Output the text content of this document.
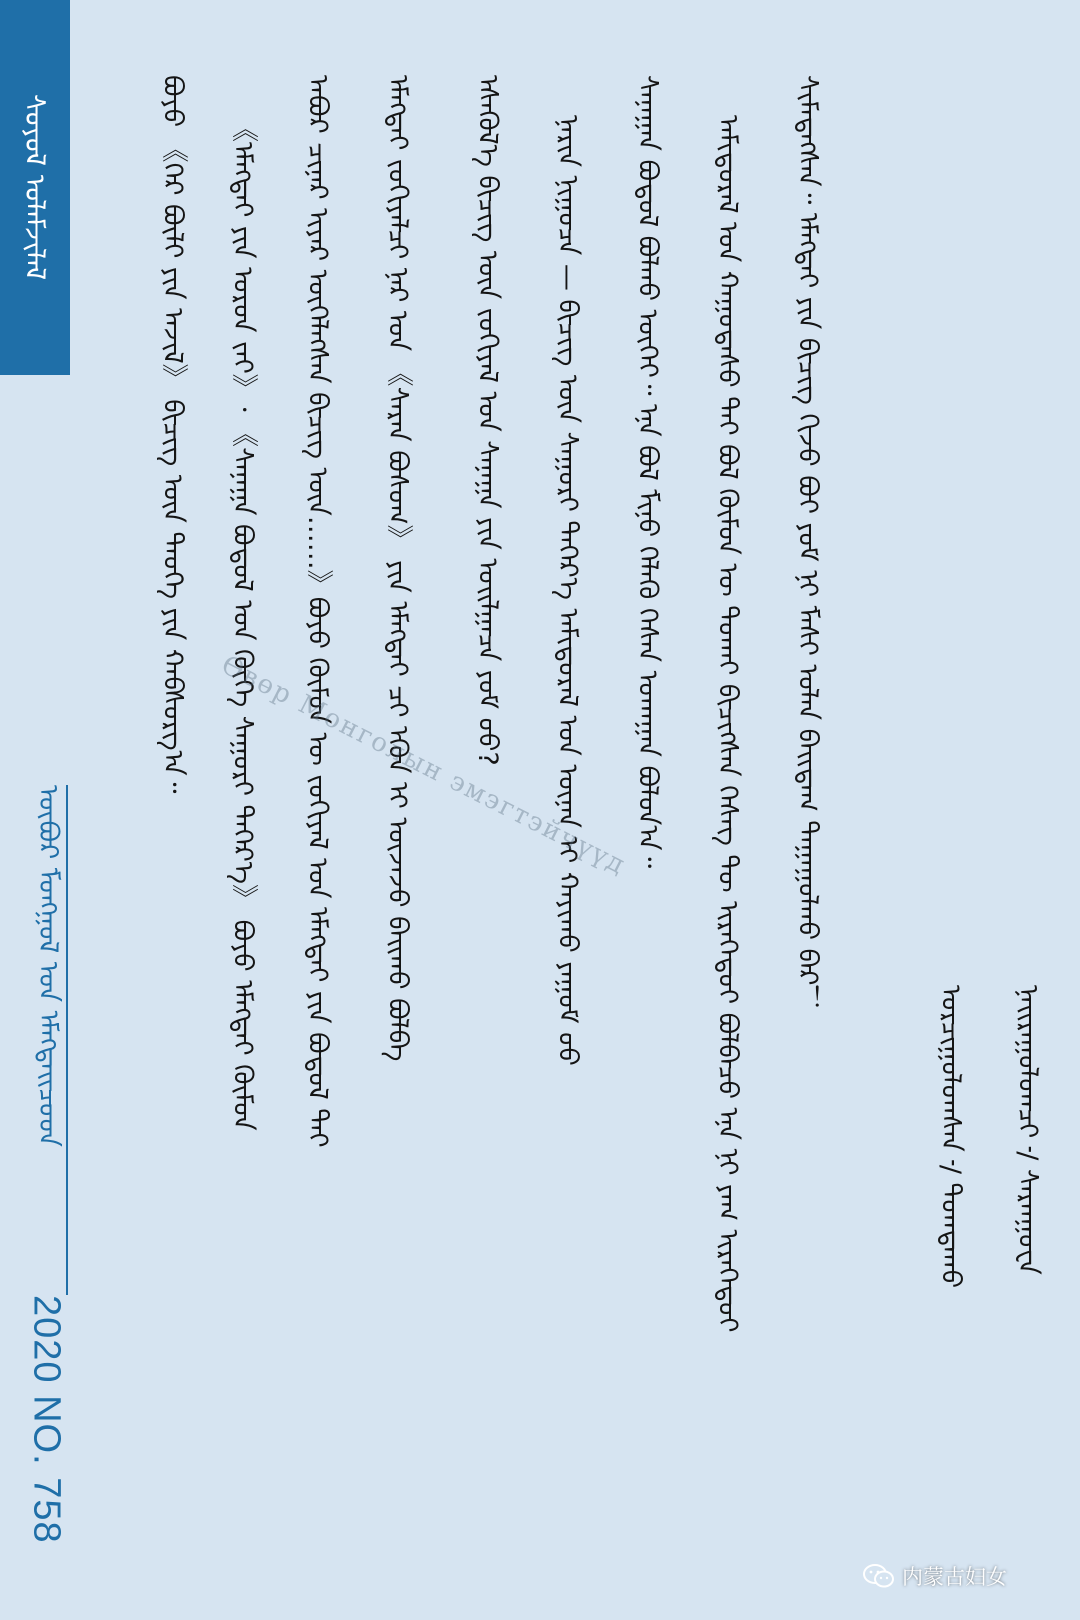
ᠰᠣᠶᠣᠯ ᠤᠯᠠᠮᠵᠢᠯᠠᠯ
ᠥᠪᠦᠷ ᠮᠣᠩᠭᠣᠯ ᠤᠨ ᠡᠮᠡᠭᠲᠡᠢᠴᠦᠳ
2020 NO. 758
ᠪᠤᠶᠤ 《ᠭᠡᠷ ᠪᠦᠯᠢ ᠶᠢᠨ ᠠᠵᠢᠯ》 ᠪᠢᠴᠢᠭ ᠦᠨ ᠲᠡᠦᠬᠡ ᠶᠢᠨ ᠬᠠᠪᠰᠤᠷᠭ᠎ᠠ᠃ 《ᠡᠮᠡᠭᠲᠡᠢ ᠶᠢᠨ ᠣᠷᠣᠨ ᠵᠠᠢ》᠂ 《ᠰᠠᠨᠠᠭᠠ ᠪᠣᠳᠣᠯ ᠤᠨ ᠬᠥᠬᠡ ᠰᠠᠭᠤᠷᠢ ᠳᠡᠭᠡᠷ᠎ᠡ》 ᠪᠤᠶᠤ ᠡᠮᠡᠭᠲᠡᠢ ᠬᠦᠮᠦᠨ ᠠᠪᠤᠷ ᠴᠢᠨᠠᠷ ᠢᠶᠠᠷ ᠦᠭᠡᠯᠡᠭᠰᠡᠨ ᠪᠢᠴᠢᠭ ᠦᠨ……》ᠪᠤᠶᠤ ᠬᠥᠮᠦᠨ ᠦ ᠵᠣᠬᠢᠶᠠᠯ ᠤᠨ ᠡᠮᠡᠭᠲᠡᠢ ᠶᠢᠨ ᠪᠣᠳᠣᠯ ᠲᠠᠶ ᠡᠮᠡᠭᠲᠡᠢ ᠵᠣᠬᠢᠶᠠᠯᠴᠢ ᠨᠠᠷ ᠤᠨ 《ᠰᠠᠷᠠᠨ ᠪᠤᠰᠤᠭ》 ᠶᠢᠨ ᠡᠮᠡᠭᠲᠡᠢ ᠴᠢ ᠡᠭᠦᠨ ᠢ ᠦᠵᠡᠵᠦ ᠪᠠᠢᠬᠤ ᠪᠣᠯᠪᠠ ᠡᠰᠡᠬᠦᠯ᠎ᠡ ᠪᠢᠴᠢᠭ ᠦᠨ ᠵᠣᠬᠢᠶᠠᠯ ᠤᠨ ᠰᠠᠨᠠᠭᠠ ᠶᠢᠨ ᠣᠢᠯᠭᠠᠴᠠ ᠶᠤᠮ ᠤᠤ? ᠨᠠᠷᠢᠨ ᠨᠢᠭᠤᠴᠠ — ᠪᠢᠴᠢᠭ ᠦᠨ ᠰᠠᠭᠤᠷᠢ ᠳᠡᠭᠡᠷ᠎ᠡ ᠠᠮᠢᠳᠤᠷᠠᠯ ᠤᠨ ᠦᠨᠡᠨ ᠢ ᠬᠠᠶᠢᠬᠤ ᠶᠠᠭᠤᠮ ᠤᠤ ᠰᠠᠨᠠᠭᠠᠨ ᠪᠣᠳᠣᠯ ᠪᠣᠯᠬᠤ ᠦᠭᠡᠢ᠃ ᠡᠨᠡ ᠪᠣᠯ ᠮᠢᠨᠤ ᠬᠡᠯᠡᠬᠦ ᠭᠡᠰᠡᠨ ᠤᠬᠠᠭᠠᠨ ᠪᠣᠯᠤᠨ᠎ᠠ᠃ ᠠᠮᠢᠳᠤᠷᠠᠯ ᠤᠨ ᠬᠠᠭᠤᠳᠠᠰᠤ ᠲᠡᠢ ᠪᠣᠯ ᠬᠥᠮᠦᠨ ᠦ ᠲᠤᠬᠠᠢ ᠪᠢᠴᠢᠭᠰᠡᠨ ᠬᠡᠰᠡᠭ ᠲᠦ ᠢᠷᠡᠭᠡᠳᠦᠢ ᠪᠣᠯᠪᠠᠴᠤ ᠡᠨᠡ ᠨᠢ ᠶᠠᠭ ᠢᠷᠡᠭᠡᠳᠦᠢ ᠰᠢᠮᠡᠳᠡᠭᠰᠡᠨ᠃ ᠡᠮᠡᠭᠲᠡᠢ ᠶᠢᠨ ᠪᠢᠴᠢᠭ ᠬᠢᠵᠦ ᠪᠤᠢ ᠶᠤᠮ ᠨᠢ ᠮᠠᠰᠢ ᠣᠯᠠᠨ ᠪᠠᠢᠳᠠᠭ ᠳᠠᠭᠠᠭᠤᠯᠬᠤ ᠪᠠᠷ！
ᠣᠷᠴᠢᠭᠤᠯᠤᠭᠰᠠᠨ ᠊/ ᠲᠣᠭᠲᠠᠬᠤ ᠨᠠᠢᠷᠠᠭᠤᠯᠤᠭᠴᠢ ᠊/ ᠰᠠᠷᠠᠨᠭᠤᠸᠠ
Өвөр Монголын эмэгтэйчүүд
内蒙古妇女
